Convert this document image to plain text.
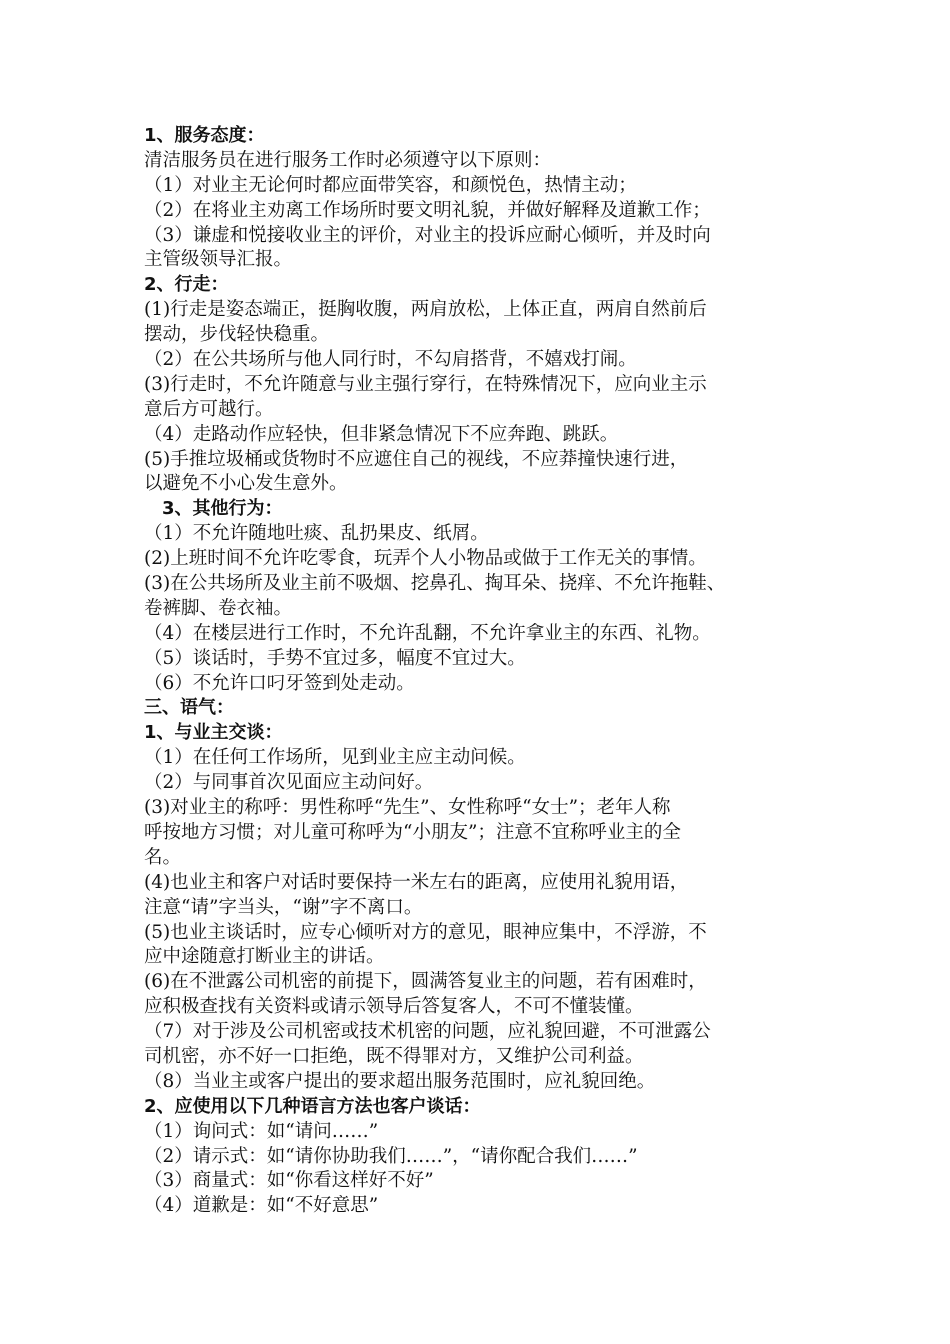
1、服务态度：
清洁服务员在进行服务工作时必须遵守以下原则：
（1）对业主无论何时都应面带笑容，和颜悦色，热情主动；
（2）在将业主劝离工作场所时要文明礼貌，并做好解释及道歉工作；
（3）谦虚和悦接收业主的评价，对业主的投诉应耐心倾听，并及时向
主管级领导汇报。
2、行走：
(1)行走是姿态端正，挺胸收腹，两肩放松，上体正直，两肩自然前后
摆动，步伐轻快稳重。
（2）在公共场所与他人同行时，不勾肩搭背，不嬉戏打闹。
(3)行走时，不允许随意与业主强行穿行，在特殊情况下，应向业主示
意后方可越行。
（4）走路动作应轻快，但非紧急情况下不应奔跑、跳跃。
(5)手推垃圾桶或货物时不应遮住自己的视线，不应莽撞快速行进，
以避免不小心发生意外。
3、其他行为：
（1）不允许随地吐痰、乱扔果皮、纸屑。
(2)上班时间不允许吃零食，玩弄个人小物品或做于工作无关的事情。
(3)在公共场所及业主前不吸烟、挖鼻孔、掏耳朵、挠痒、不允许拖鞋、
卷裤脚、卷衣袖。
（4）在楼层进行工作时，不允许乱翻，不允许拿业主的东西、礼物。
（5）谈话时，手势不宜过多，幅度不宜过大。
（6）不允许口叼牙签到处走动。
三、语气：
1、与业主交谈：
（1）在任何工作场所，见到业主应主动问候。
（2）与同事首次见面应主动问好。
(3)对业主的称呼：男性称呼“先生”、女性称呼“女士”；老年人称
呼按地方习惯；对儿童可称呼为“小朋友”；注意不宜称呼业主的全
名。
(4)也业主和客户对话时要保持一米左右的距离，应使用礼貌用语，
注意“请”字当头，“谢”字不离口。
(5)也业主谈话时，应专心倾听对方的意见，眼神应集中，不浮游，不
应中途随意打断业主的讲话。
(6)在不泄露公司机密的前提下，圆满答复业主的问题，若有困难时，
应积极查找有关资料或请示领导后答复客人，不可不懂装懂。
（7）对于涉及公司机密或技术机密的问题，应礼貌回避，不可泄露公
司机密，亦不好一口拒绝，既不得罪对方，又维护公司利益。
（8）当业主或客户提出的要求超出服务范围时，应礼貌回绝。
2、应使用以下几种语言方法也客户谈话：
（1）询问式：如“请问……”
（2）请示式：如“请你协助我们……”，“请你配合我们……”
（3）商量式：如“你看这样好不好”
（4）道歉是：如“不好意思”
